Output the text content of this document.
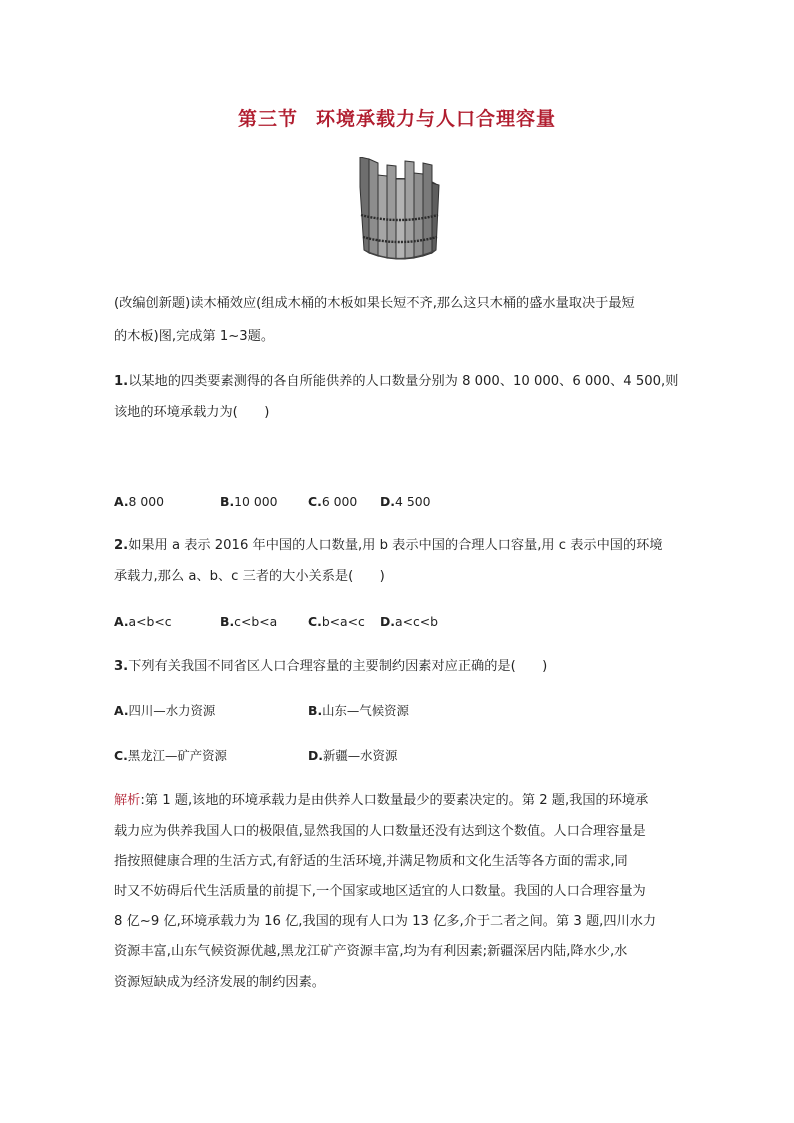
第三节 环境承载力与人口合理容量
(改编创新题)读木桶效应(组成木桶的木板如果长短不齐,那么这只木桶的盛水量取决于最短
的木板)图,完成第 1~3题。
1.以某地的四类要素测得的各自所能供养的人口数量分别为 8 000、10 000、6 000、4 500,则
该地的环境承载力为(　　)
A.8 000	B.10 000 C.6 000 D.4 500
2.如果用 a 表示 2016 年中国的人口数量,用 b 表示中国的合理人口容量,用 c 表示中国的环境
承载力,那么 a、b、c 三者的大小关系是(　　)
A.a<b<c	B.c<b<a C.b<a<c D.a<c<b
3.下列有关我国不同省区人口合理容量的主要制约因素对应正确的是(　　)
A.四川—水力资源	B.山东—气候资源
C.黑龙江—矿产资源	D.新疆—水资源
解析:第 1 题,该地的环境承载力是由供养人口数量最少的要素决定的。第 2 题,我国的环境承
载力应为供养我国人口的极限值,显然我国的人口数量还没有达到这个数值。人口合理容量是
指按照健康合理的生活方式,有舒适的生活环境,并满足物质和文化生活等各方面的需求,同
时又不妨碍后代生活质量的前提下,一个国家或地区适宜的人口数量。我国的人口合理容量为
8 亿~9 亿,环境承载力为 16 亿,我国的现有人口为 13 亿多,介于二者之间。第 3 题,四川水力
资源丰富,山东气候资源优越,黑龙江矿产资源丰富,均为有利因素;新疆深居内陆,降水少,水
资源短缺成为经济发展的制约因素。
